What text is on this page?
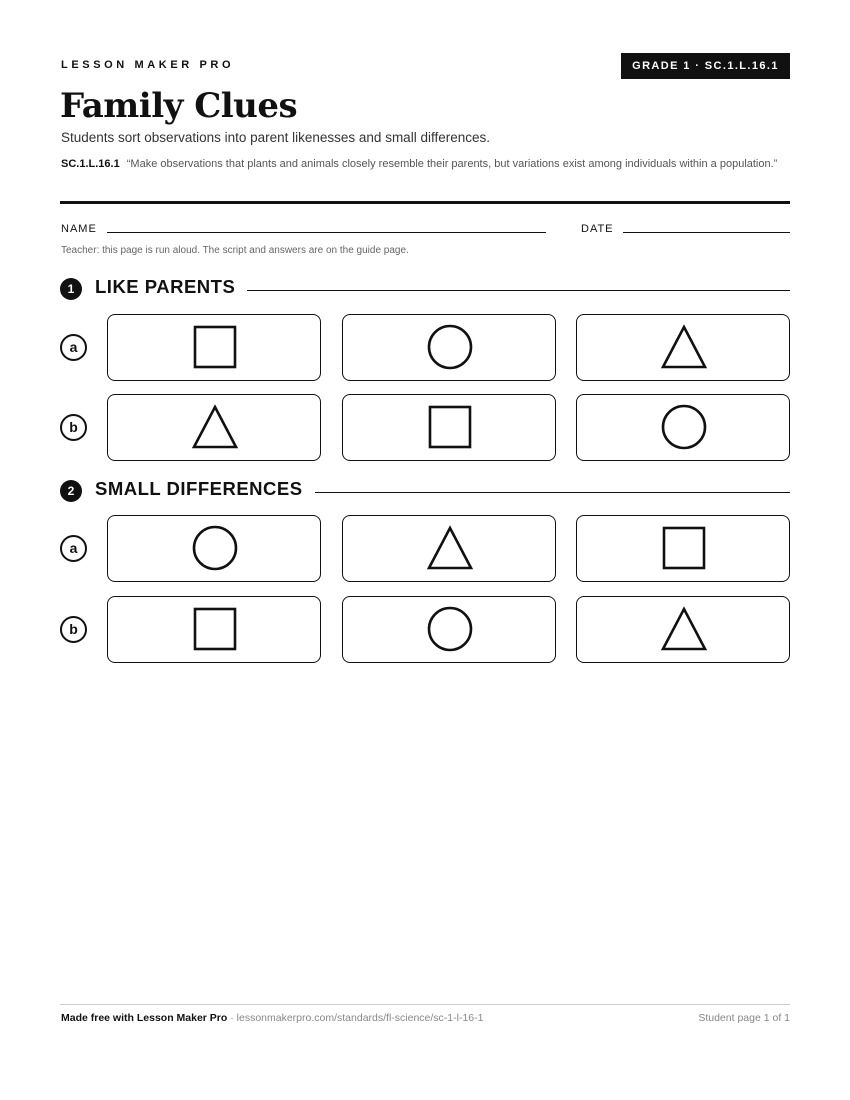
LESSON MAKER PRO	GRADE 1 · SC.1.L.16.1
Family Clues
Students sort observations into parent likenesses and small differences.
SC.1.L.16.1 “Make observations that plants and animals closely resemble their parents, but variations exist among individuals within a population.”
NAME	DATE
Teacher: this page is run aloud. The script and answers are on the guide page.
1	LIKE PARENTS
a
b
2	SMALL DIFFERENCES
a
b
Made free with Lesson Maker Pro · lessonmakerpro.com/standards/fl-science/sc-1-l-16-1	Student page 1 of 1
